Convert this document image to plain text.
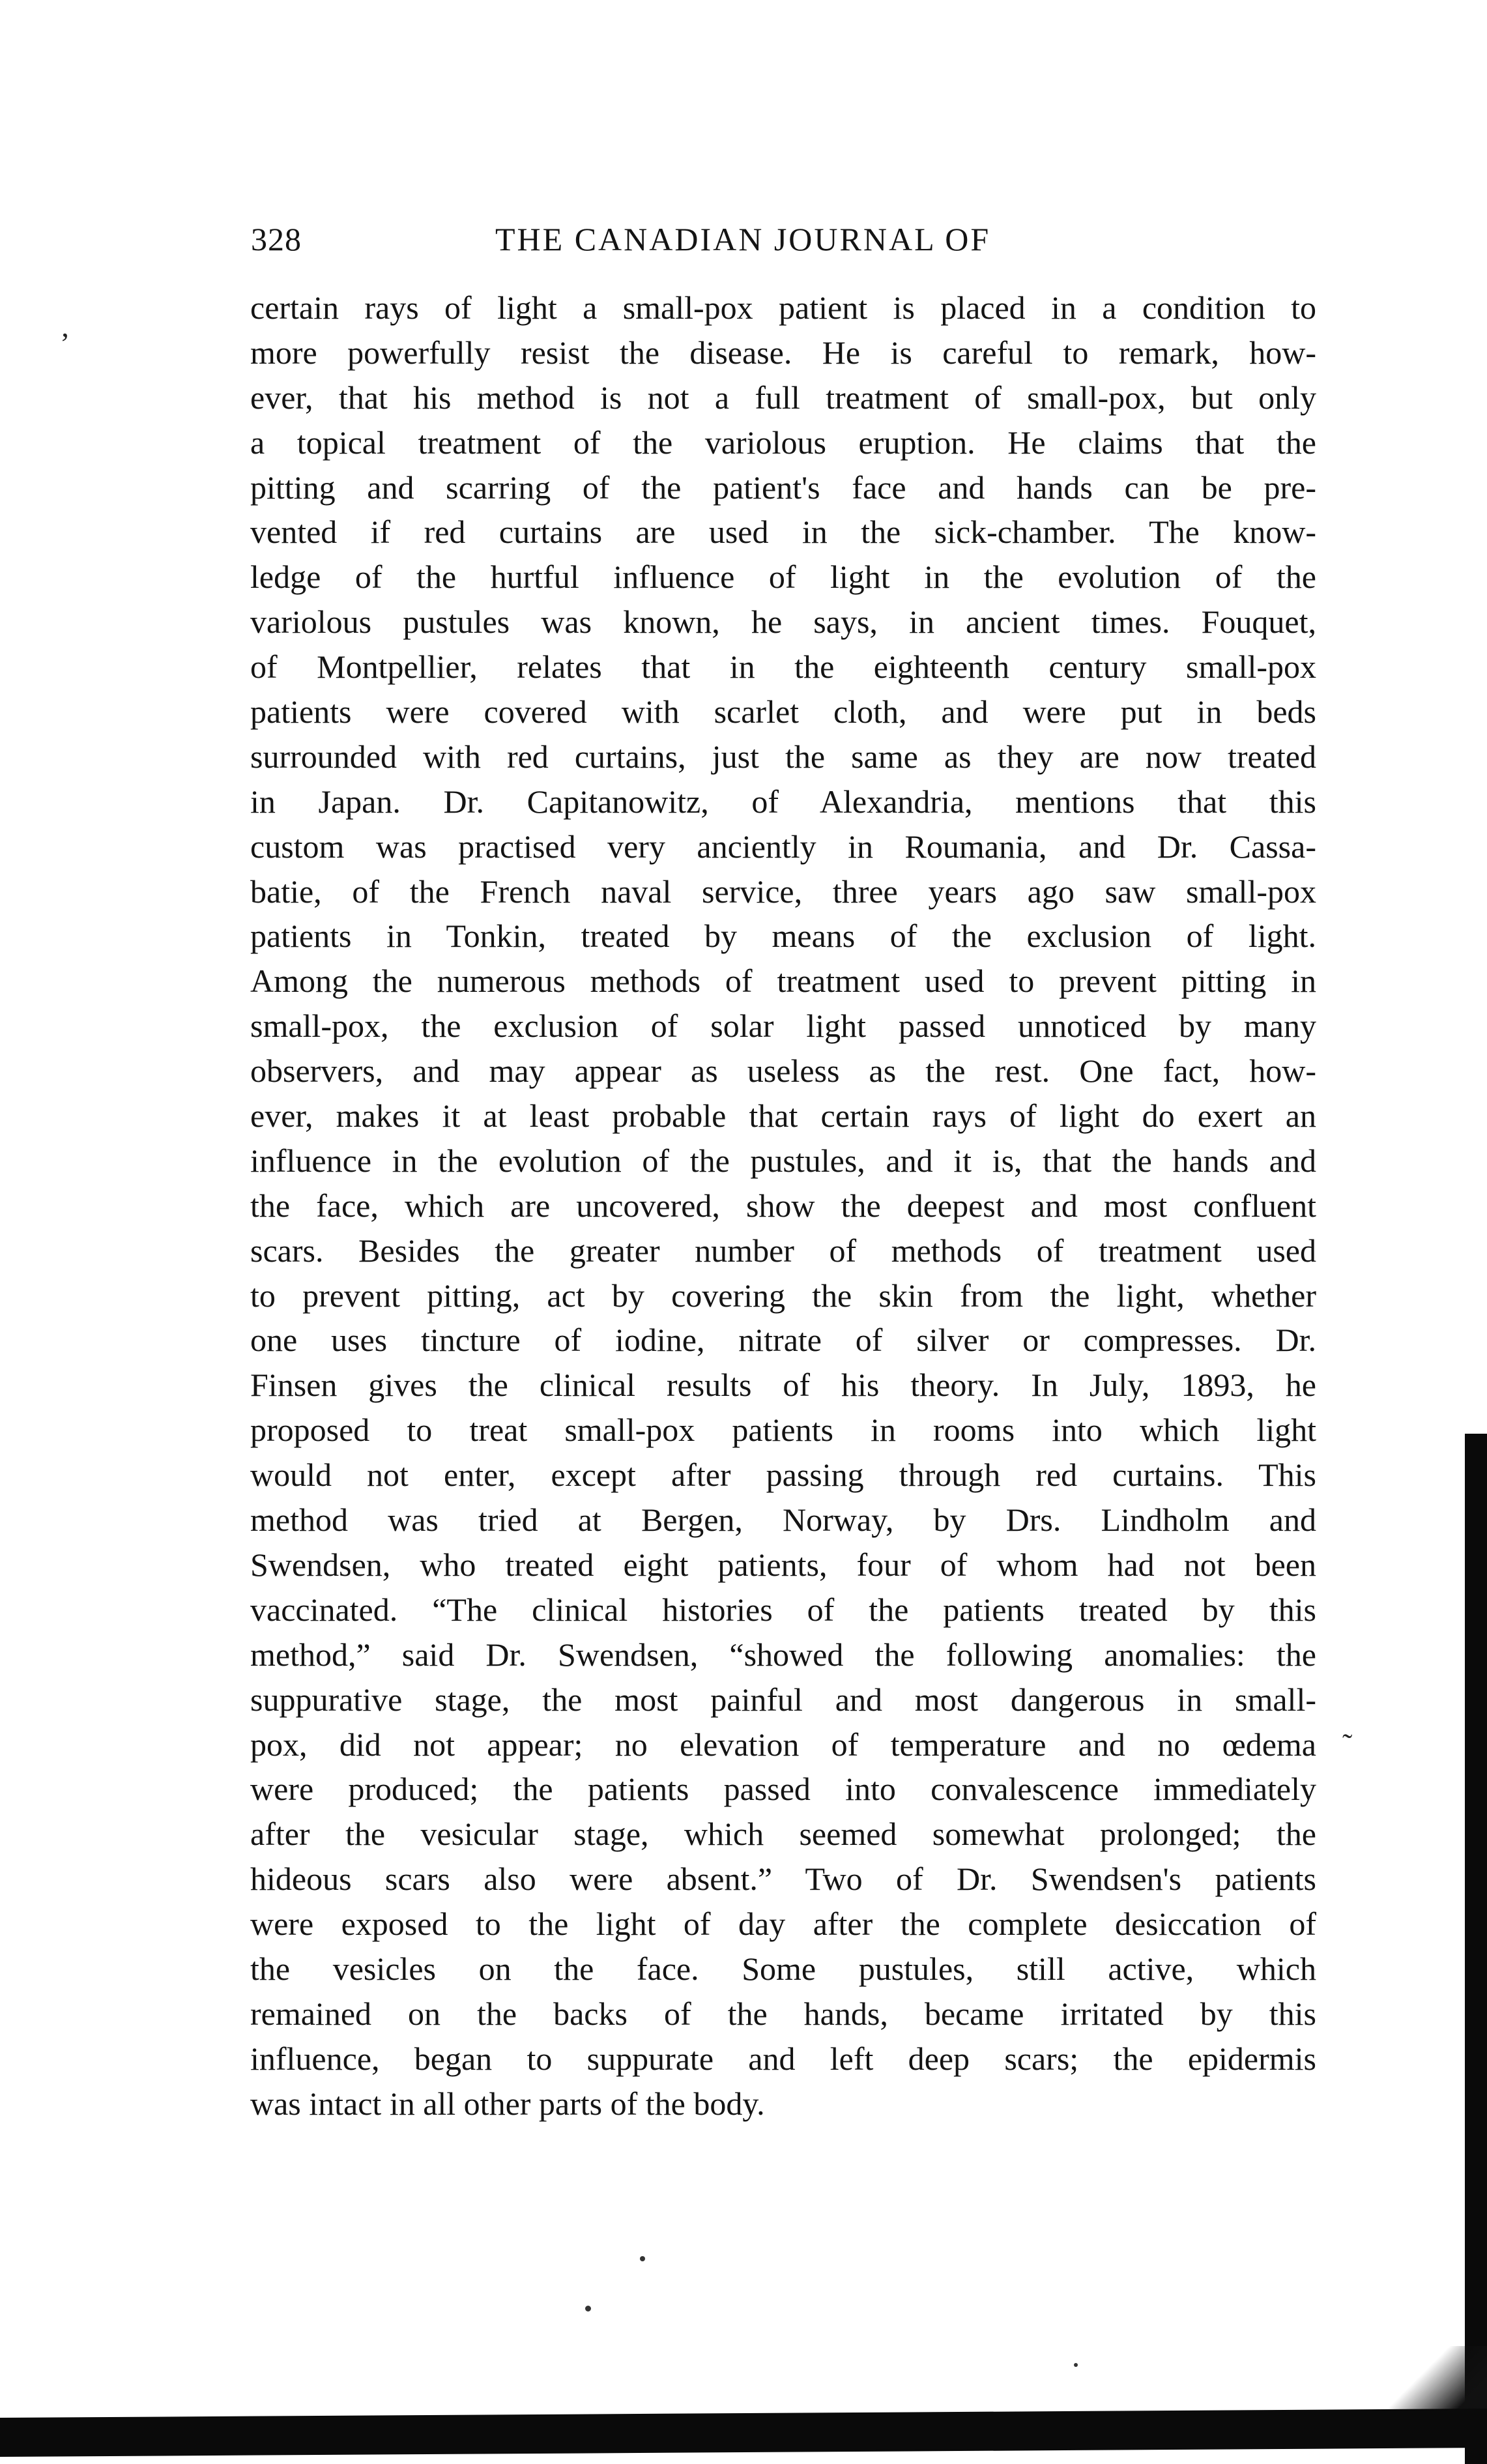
328	THE CANADIAN JOURNAL OF
certain rays of light a small-pox patient is placed in a condition to
more powerfully resist the disease. He is careful to remark, how-
ever, that his method is not a full treatment of small-pox, but only
a topical treatment of the variolous eruption. He claims that the
pitting and scarring of the patient's face and hands can be pre-
vented if red curtains are used in the sick-chamber. The know-
ledge of the hurtful influence of light in the evolution of the
variolous pustules was known, he says, in ancient times. Fouquet,
of Montpellier, relates that in the eighteenth century small-pox
patients were covered with scarlet cloth, and were put in beds
surrounded with red curtains, just the same as they are now treated
in Japan. Dr. Capitanowitz, of Alexandria, mentions that this
custom was practised very anciently in Roumania, and Dr. Cassa-
batie, of the French naval service, three years ago saw small-pox
patients in Tonkin, treated by means of the exclusion of light.
Among the numerous methods of treatment used to prevent pitting in
small-pox, the exclusion of solar light passed unnoticed by many
observers, and may appear as useless as the rest. One fact, how-
ever, makes it at least probable that certain rays of light do exert an
influence in the evolution of the pustules, and it is, that the hands and
the face, which are uncovered, show the deepest and most confluent
scars. Besides the greater number of methods of treatment used
to prevent pitting, act by covering the skin from the light, whether
one uses tincture of iodine, nitrate of silver or compresses. Dr.
Finsen gives the clinical results of his theory. In July, 1893, he
proposed to treat small-pox patients in rooms into which light
would not enter, except after passing through red curtains. This
method was tried at Bergen, Norway, by Drs. Lindholm and
Swendsen, who treated eight patients, four of whom had not been
vaccinated. “The clinical histories of the patients treated by this
method,” said Dr. Swendsen, “showed the following anomalies: the
suppurative stage, the most painful and most dangerous in small-
pox, did not appear; no elevation of temperature and no œdema
were produced; the patients passed into convalescence immediately
after the vesicular stage, which seemed somewhat prolonged; the
hideous scars also were absent.” Two of Dr. Swendsen's patients
were exposed to the light of day after the complete desiccation of
the vesicles on the face. Some pustules, still active, which
remained on the backs of the hands, became irritated by this
influence, began to suppurate and left deep scars; the epidermis
was intact in all other parts of the body.
’
˜
